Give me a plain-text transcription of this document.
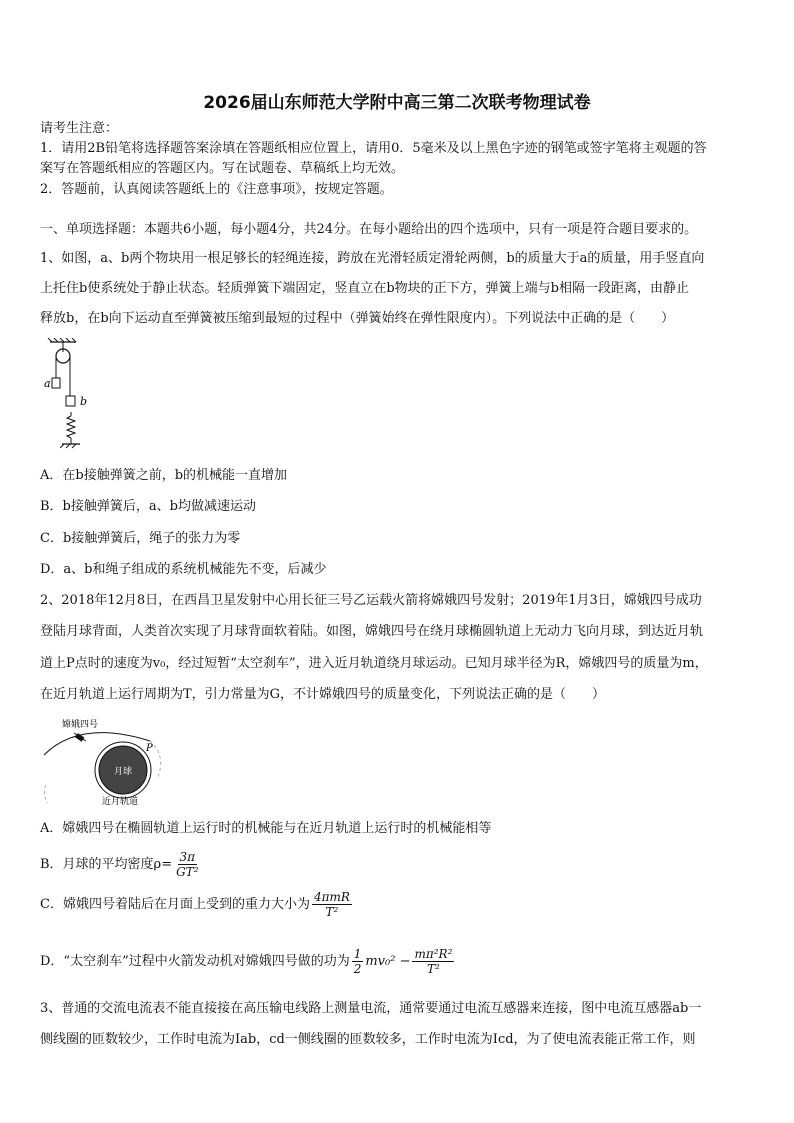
2026届山东师范大学附中高三第二次联考物理试卷
请考生注意：
1．请用2B铅笔将选择题答案涂填在答题纸相应位置上，请用0．5毫米及以上黑色字迹的钢笔或签字笔将主观题的答
案写在答题纸相应的答题区内。写在试题卷、草稿纸上均无效。
2．答题前，认真阅读答题纸上的《注意事项》，按规定答题。
一、单项选择题：本题共6小题，每小题4分，共24分。在每小题给出的四个选项中，只有一项是符合题目要求的。
1、如图，a、b两个物块用一根足够长的轻绳连接，跨放在光滑轻质定滑轮两侧，b的质量大于a的质量，用手竖直向
上托住b使系统处于静止状态。轻质弹簧下端固定，竖直立在b物块的正下方，弹簧上端与b相隔一段距离，由静止
释放b，在b向下运动直至弹簧被压缩到最短的过程中（弹簧始终在弹性限度内）。下列说法中正确的是（　　）
a
b
A．在b接触弹簧之前，b的机械能一直增加
B．b接触弹簧后，a、b均做减速运动
C．b接触弹簧后，绳子的张力为零
D．a、b和绳子组成的系统机械能先不变，后减少
2、2018年12月8日，在西昌卫星发射中心用长征三号乙运载火箭将嫦娥四号发射；2019年1月3日，嫦娥四号成功
登陆月球背面，人类首次实现了月球背面软着陆。如图，嫦娥四号在绕月球椭圆轨道上无动力飞向月球，到达近月轨
道上P点时的速度为v₀，经过短暂“太空刹车”，进入近月轨道绕月球运动。已知月球半径为R，嫦娥四号的质量为m，
在近月轨道上运行周期为T，引力常量为G，不计嫦娥四号的质量变化，下列说法正确的是（　　）
月球
嫦娥四号
P
近月轨道
A．嫦娥四号在椭圆轨道上运行时的机械能与在近月轨道上运行时的机械能相等
B．月球的平均密度$\rho= \frac{3\pi}{\text{GT²}}$
C．嫦娥四号着陆后在月面上受到的重力大小为 $\frac{\text{4πmR}}{\text{T²}}$
D．“太空刹车”过程中火箭发动机对嫦娥四号做的功为 $\frac{1}{2} mv_0^2 - \frac{\text{mπ²R²}}{\text{T²}}$
3、普通的交流电流表不能直接接在高压输电线路上测量电流，通常要通过电流互感器来连接，图中电流互感器ab一
侧线圈的匝数较少，工作时电流为Iab，cd一侧线圈的匝数较多，工作时电流为Icd，为了使电流表能正常工作，则
